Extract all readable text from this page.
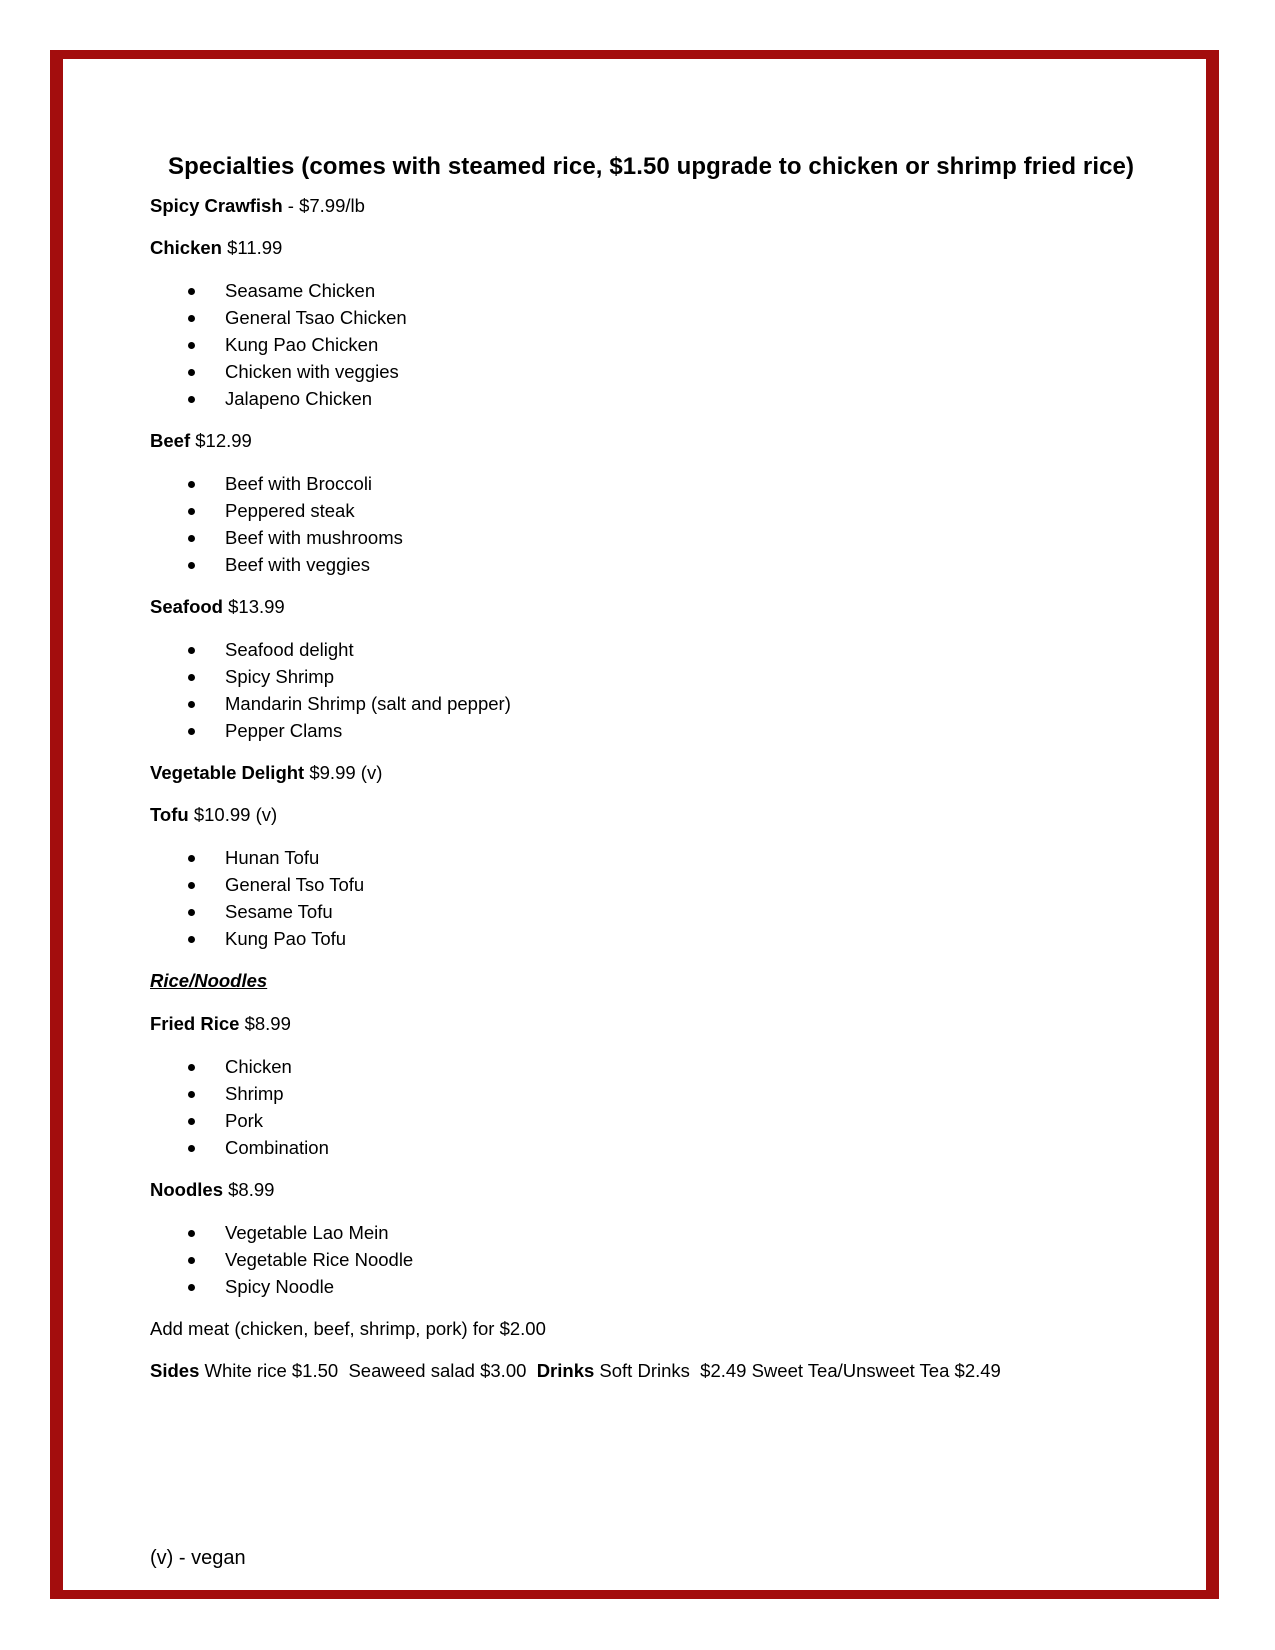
Specialties (comes with steamed rice, $1.50 upgrade to chicken or shrimp fried rice)
Spicy Crawfish - $7.99/lb
Chicken $11.99
Seasame Chicken
General Tsao Chicken
Kung Pao Chicken
Chicken with veggies
Jalapeno Chicken
Beef $12.99
Beef with Broccoli
Peppered steak
Beef with mushrooms
Beef with veggies
Seafood $13.99
Seafood delight
Spicy Shrimp
Mandarin Shrimp (salt and pepper)
Pepper Clams
Vegetable Delight $9.99 (v)
Tofu $10.99 (v)
Hunan Tofu
General Tso Tofu
Sesame Tofu
Kung Pao Tofu
Rice/Noodles
Fried Rice $8.99
Chicken
Shrimp
Pork
Combination
Noodles $8.99
Vegetable Lao Mein
Vegetable Rice Noodle
Spicy Noodle
Add meat (chicken, beef, shrimp, pork) for $2.00
Sides White rice $1.50  Seaweed salad $3.00  Drinks Soft Drinks  $2.49 Sweet Tea/Unsweet Tea $2.49
(v) - vegan
